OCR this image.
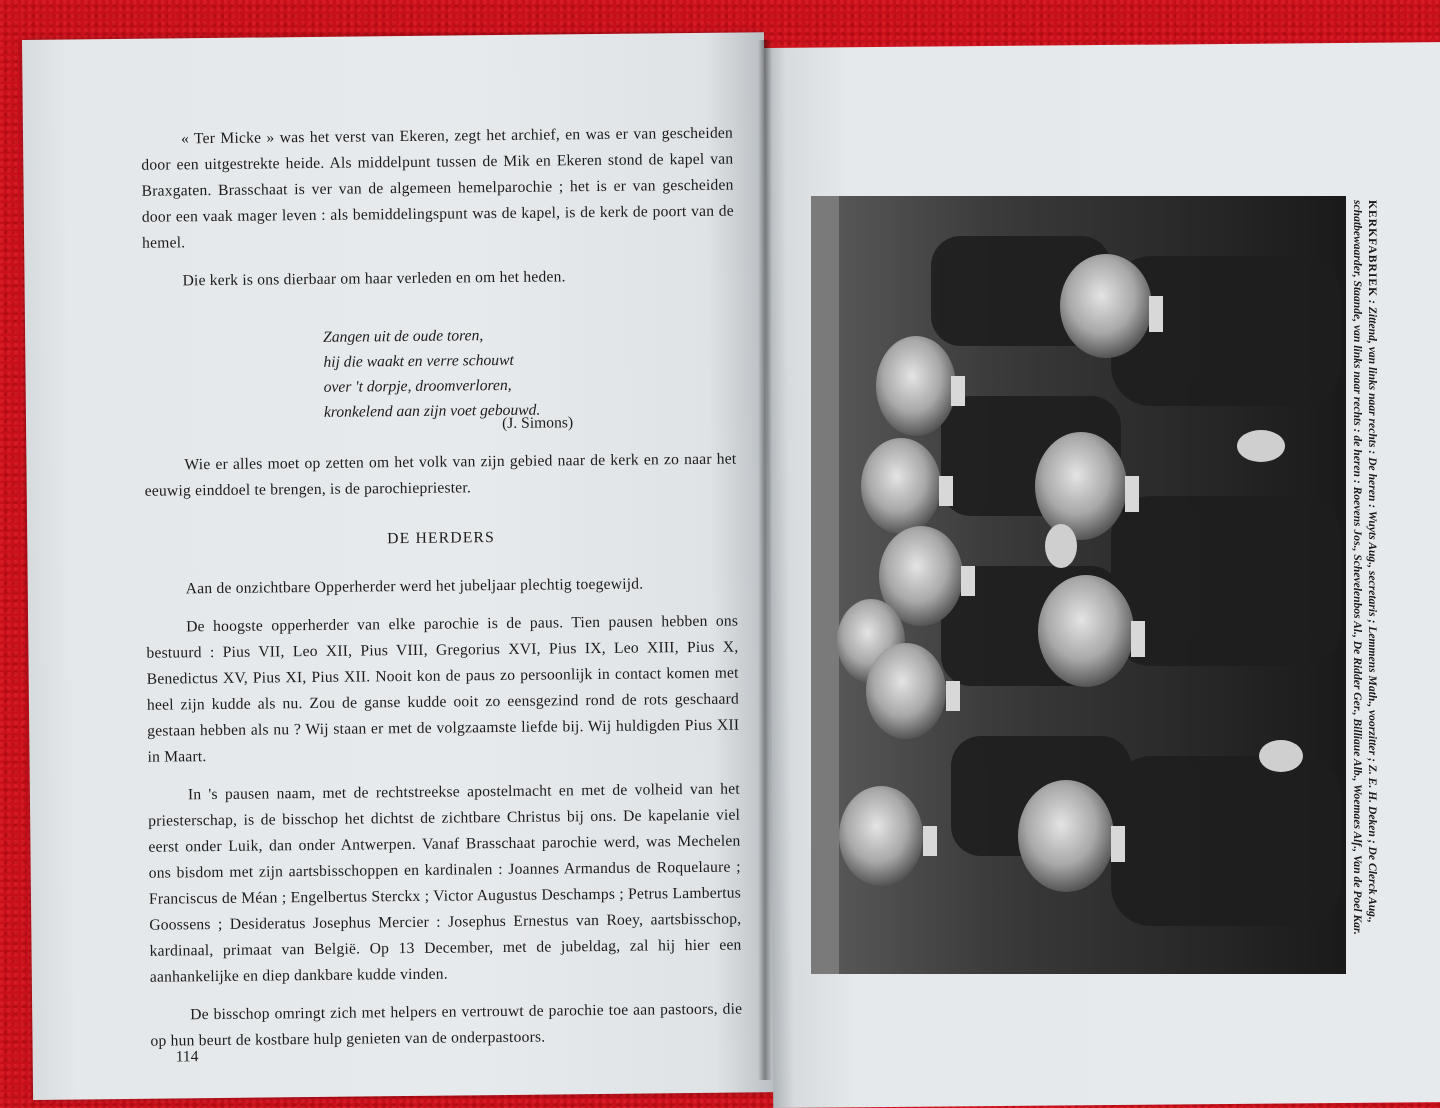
« Ter Micke » was het verst van Ekeren, zegt het archief, en was er van gescheiden door een uitgestrekte heide. Als middelpunt tussen de Mik en Ekeren stond de kapel van Braxgaten. Brasschaat is ver van de algemeen hemelparochie ; het is er van gescheiden door een vaak mager leven : als bemiddelingspunt was de kapel, is de kerk de poort van de hemel.

Die kerk is ons dierbaar om haar verleden en om het heden.

Zangen uit de oude toren,
hij die waakt en verre schouwt
over 't dorpje, droomverloren,
kronkelend aan zijn voet gebouwd.
(J. Simons)

Wie er alles moet op zetten om het volk van zijn gebied naar de kerk en zo naar het eeuwig einddoel te brengen, is de parochiepriester.

DE HERDERS

Aan de onzichtbare Opperherder werd het jubeljaar plechtig toegewijd.

De hoogste opperherder van elke parochie is de paus. Tien pausen hebben ons bestuurd : Pius VII, Leo XII, Pius VIII, Gregorius XVI, Pius IX, Leo XIII, Pius X, Benedictus XV, Pius XI, Pius XII. Nooit kon de paus zo persoonlijk in contact komen met heel zijn kudde als nu. Zou de ganse kudde ooit zo eensgezind rond de rots geschaard gestaan hebben als nu ? Wij staan er met de volgzaamste liefde bij. Wij huldigden Pius XII in Maart.

In 's pausen naam, met de rechtstreekse apostelmacht en met de volheid van het priesterschap, is de bisschop het dichtst de zichtbare Christus bij ons. De kapelanie viel eerst onder Luik, dan onder Antwerpen. Vanaf Brasschaat parochie werd, was Mechelen ons bisdom met zijn aartsbisschoppen en kardinalen : Joannes Armandus de Roquelaure ; Franciscus de Méan ; Engelbertus Sterckx ; Victor Augustus Deschamps ; Petrus Lambertus Goossens ; Desideratus Josephus Mercier : Josephus Ernestus van Roey, aartsbisschop, kardinaal, primaat van België. Op 13 December, met de jubeldag, zal hij hier een aanhankelijke en diep dankbare kudde vinden.

De bisschop omringt zich met helpers en vertrouwt de parochie toe aan pastoors, die op hun beurt de kostbare hulp genieten van de onderpastoors.

114
KERKFABRIEK : Zittend, van links naar rechts : De heren : Wuyts Aug., secretaris ; Lemmens Math., voorzitter ; Z. E. H. Deken ; De Clerck Aug., schatbewaarder, Staande, van links naar rechts : de heren : Roevens Jos., Schevelenbos Al., De Ridder Ger., Billiaue Alb., Woemaes Alf., Van de Poel Kar.
